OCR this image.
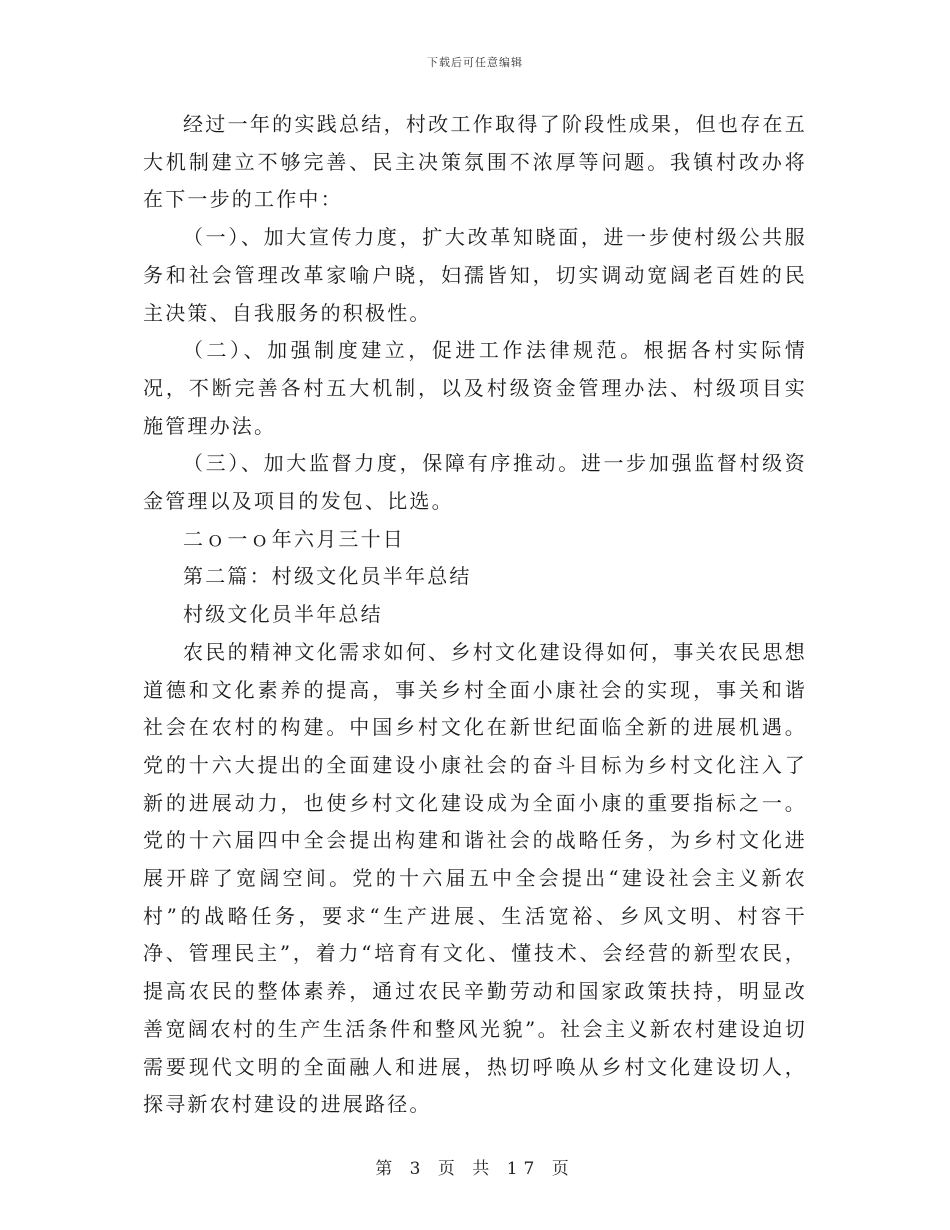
下载后可任意编辑

经过一年的实践总结，村改工作取得了阶段性成果，但也存在五大机制建立不够完善、民主决策氛围不浓厚等问题。我镇村改办将在下一步的工作中：

（一）、加大宣传力度，扩大改革知晓面，进一步使村级公共服务和社会管理改革家喻户晓，妇孺皆知，切实调动宽阔老百姓的民主决策、自我服务的积极性。

（二）、加强制度建立，促进工作法律规范。根据各村实际情况，不断完善各村五大机制，以及村级资金管理办法、村级项目实施管理办法。

（三）、加大监督力度，保障有序推动。进一步加强监督村级资金管理以及项目的发包、比选。

二ｏ一ｏ年六月三十日

第二篇：村级文化员半年总结

村级文化员半年总结

农民的精神文化需求如何、乡村文化建设得如何，事关农民思想道德和文化素养的提高，事关乡村全面小康社会的实现，事关和谐社会在农村的构建。中国乡村文化在新世纪面临全新的进展机遇。党的十六大提出的全面建设小康社会的奋斗目标为乡村文化注入了新的进展动力，也使乡村文化建设成为全面小康的重要指标之一。党的十六届四中全会提出构建和谐社会的战略任务，为乡村文化进展开辟了宽阔空间。党的十六届五中全会提出“建设社会主义新农村”的战略任务，要求“生产进展、生活宽裕、乡风文明、村容干净、管理民主”，着力“培育有文化、懂技术、会经营的新型农民，提高农民的整体素养，通过农民辛勤劳动和国家政策扶持，明显改善宽阔农村的生产生活条件和整风光貌”。社会主义新农村建设迫切需要现代文明的全面融人和进展，热切呼唤从乡村文化建设切人，探寻新农村建设的进展路径。

第 3 页 共 17 页
